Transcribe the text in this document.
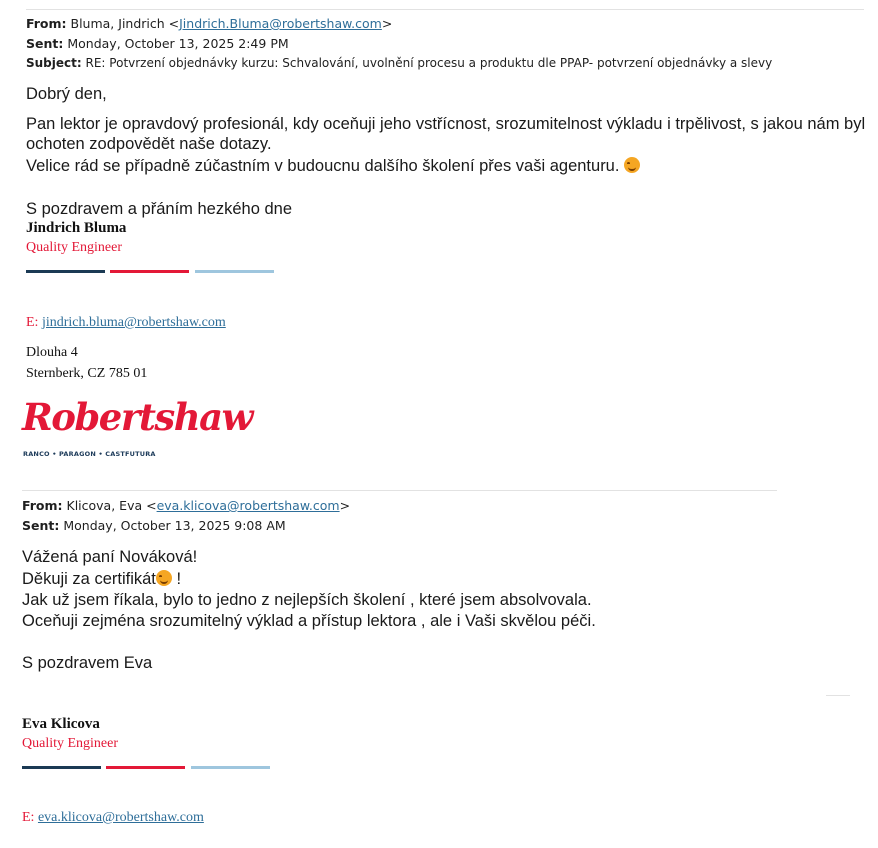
From: Bluma, Jindrich <Jindrich.Bluma@robertshaw.com>
Sent: Monday, October 13, 2025 2:49 PM
Subject: RE: Potvrzení objednávky kurzu: Schvalování, uvolnění procesu a produktu dle PPAP- potvrzení objednávky a slevy
Dobrý den,
Pan lektor je opravdový profesionál, kdy oceňuji jeho vstřícnost, srozumitelnost výkladu i trpělivost, s jakou nám byl
ochoten zodpovědět naše dotazy.
Velice rád se případně zúčastním v budoucnu dalšího školení přes vaši agenturu.
S pozdravem a přáním hezkého dne
Jindrich Bluma
Quality Engineer
E: jindrich.bluma@robertshaw.com
Dlouha 4
Sternberk, CZ 785 01
Robertshaw
RANCO • PARAGON • CASTFUTURA
From: Klicova, Eva <eva.klicova@robertshaw.com>
Sent: Monday, October 13, 2025 9:08 AM
Vážená paní Nováková!
Děkuji za certifikát !
Jak už jsem říkala, bylo to jedno z nejlepších školení , které jsem absolvovala.
Oceňuji zejména srozumitelný výklad a přístup lektora , ale i Vaši skvělou péči.
S pozdravem Eva
Eva Klicova
Quality Engineer
E: eva.klicova@robertshaw.com
